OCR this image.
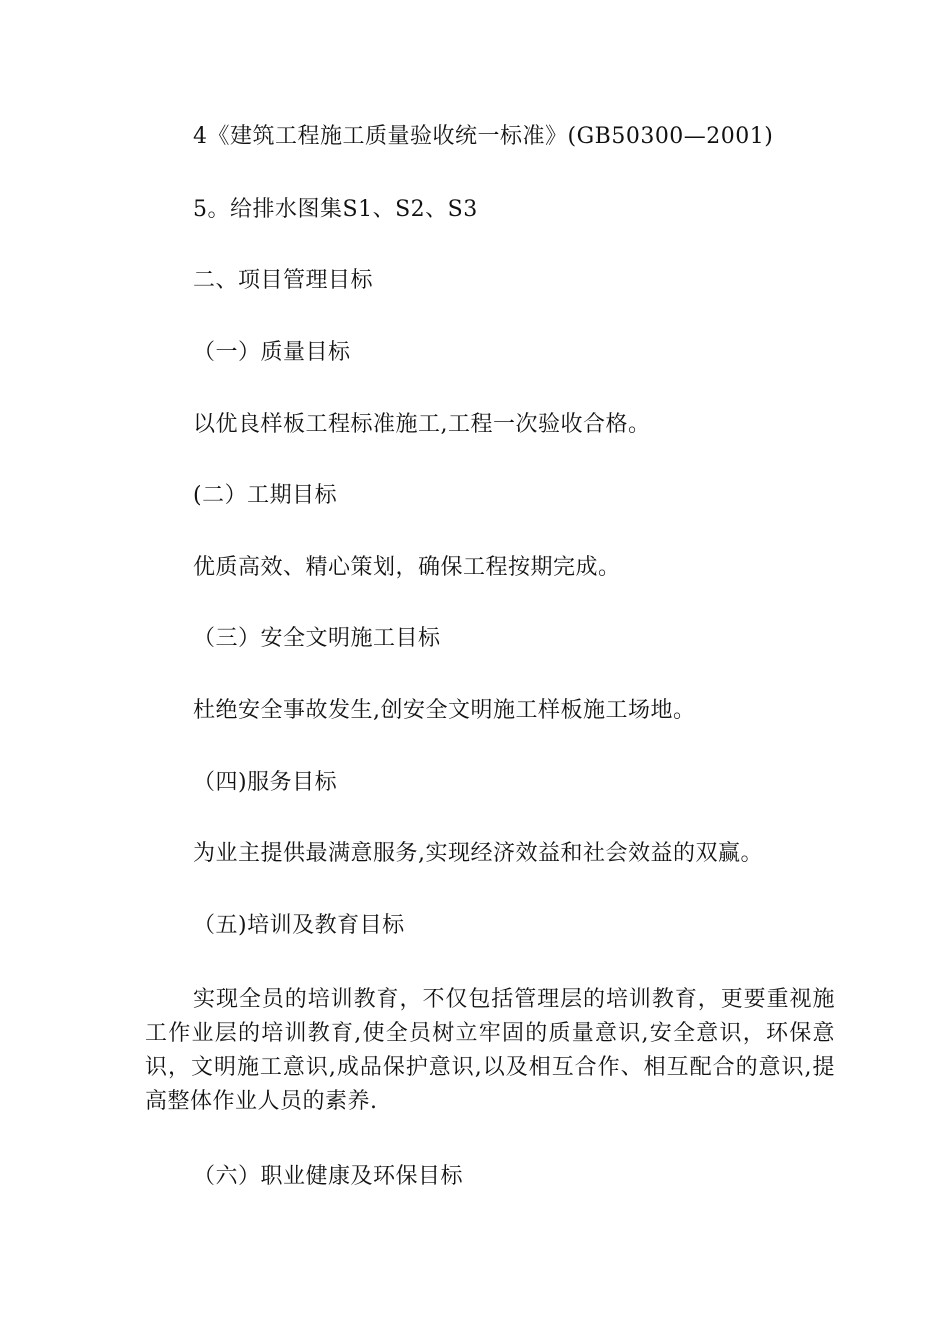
4《建筑工程施工质量验收统一标准》(GB50300—2001)
5。给排水图集S1、S2、S3
二、项目管理目标
（一）质量目标
以优良样板工程标准施工,工程一次验收合格。
(二）工期目标
优质高效、精心策划，确保工程按期完成。
（三）安全文明施工目标
杜绝安全事故发生,创安全文明施工样板施工场地。
（四)服务目标
为业主提供最满意服务,实现经济效益和社会效益的双赢。
（五)培训及教育目标
实现全员的培训教育，不仅包括管理层的培训教育，更要重视施工作业层的培训教育,使全员树立牢固的质量意识,安全意识，环保意识，文明施工意识,成品保护意识,以及相互合作、相互配合的意识,提高整体作业人员的素养.
（六）职业健康及环保目标
